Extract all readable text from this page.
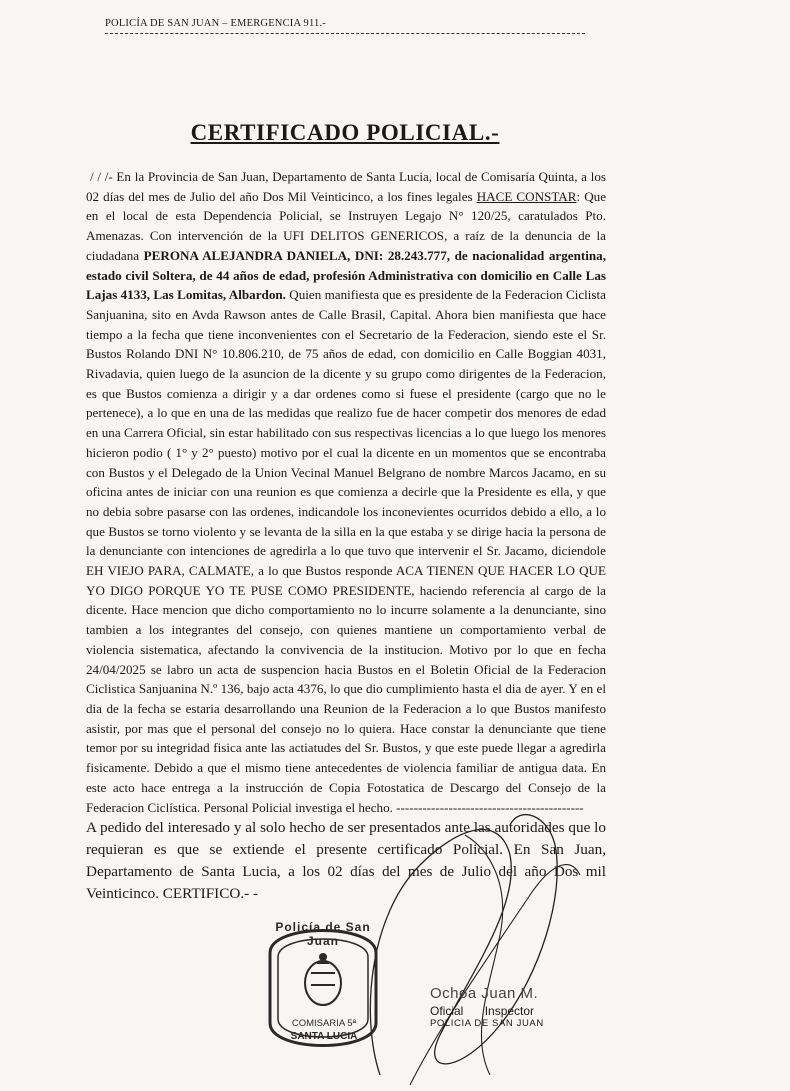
POLICÍA DE SAN JUAN – EMERGENCIA 911.-
CERTIFICADO POLICIAL.-

/ / /- En la Provincia de San Juan, Departamento de Santa Lucia, local de Comisaría Quinta, a los 02 días del mes de Julio del año Dos Mil Veinticinco, a los fines legales HACE CONSTAR: Que en el local de esta Dependencia Policial, se Instruyen Legajo N° 120/25, caratulados Pto. Amenazas. Con intervención de la UFI DELITOS GENERICOS, a raíz de la denuncia de la ciudadana PERONA ALEJANDRA DANIELA, DNI: 28.243.777, de nacionalidad argentina, estado civil Soltera, de 44 años de edad, profesión Administrativa con domicilio en Calle Las Lajas 4133, Las Lomitas, Albardon. Quien manifiesta que es presidente de la Federacion Ciclista Sanjuanina, sito en Avda Rawson antes de Calle Brasil, Capital. Ahora bien manifiesta que hace tiempo a la fecha que tiene inconvenientes con el Secretario de la Federacion, siendo este el Sr. Bustos Rolando DNI N° 10.806.210, de 75 años de edad, con domicilio en Calle Boggian 4031, Rivadavia, quien luego de la asuncion de la dicente y su grupo como dirigentes de la Federacion, es que Bustos comienza a dirigir y a dar ordenes como si fuese el presidente (cargo que no le pertenece), a lo que en una de las medidas que realizo fue de hacer competir dos menores de edad en una Carrera Oficial, sin estar habilitado con sus respectivas licencias a lo que luego los menores hicieron podio ( 1° y 2° puesto) motivo por el cual la dicente en un momentos que se encontraba con Bustos y el Delegado de la Union Vecinal Manuel Belgrano de nombre Marcos Jacamo, en su oficina antes de iniciar con una reunion es que comienza a decirle que la Presidente es ella, y que no debia sobre pasarse con las ordenes, indicandole los inconevientes ocurridos debido a ello, a lo que Bustos se torno violento y se levanta de la silla en la que estaba y se dirige hacia la persona de la denunciante con intenciones de agredirla a lo que tuvo que intervenir el Sr. Jacamo, diciendole EH VIEJO PARA, CALMATE, a lo que Bustos responde ACA TIENEN QUE HACER LO QUE YO DIGO PORQUE YO TE PUSE COMO PRESIDENTE, haciendo referencia al cargo de la dicente. Hace mencion que dicho comportamiento no lo incurre solamente a la denunciante, sino tambien a los integrantes del consejo, con quienes mantiene un comportamiento verbal de violencia sistematica, afectando la convivencia de la institucion. Motivo por lo que en fecha 24/04/2025 se labro un acta de suspencion hacia Bustos en el Boletin Oficial de la Federacion Ciclistica Sanjuanina N.º 136, bajo acta 4376, lo que dio cumplimiento hasta el dia de ayer. Y en el dia de la fecha se estaria desarrollando una Reunion de la Federacion a lo que Bustos manifesto asistir, por mas que el personal del consejo no lo quiera. Hace constar la denunciante que tiene temor por su integridad fisica ante las actiatudes del Sr. Bustos, y que este puede llegar a agredirla fisicamente. Debido a que el mismo tiene antecedentes de violencia familiar de antigua data. En este acto hace entrega a la instrucción de Copia Fotostatica de Descargo del Consejo de la Federacion Ciclística. Personal Policial investiga el hecho. -------------------------------------------

A pedido del interesado y al solo hecho de ser presentados ante las autoridades que lo requieran es que se extiende el presente certificado Policial. En San Juan, Departamento de Santa Lucia, a los 02 días del mes de Julio del año Dos mil Veinticinco. CERTIFICO.- -

Policía de San Juan
COMISARIA 5ª
SANTA LUCIA
Ochoa Juan M.
Oficial Inspector
POLICIA DE SAN JUAN
